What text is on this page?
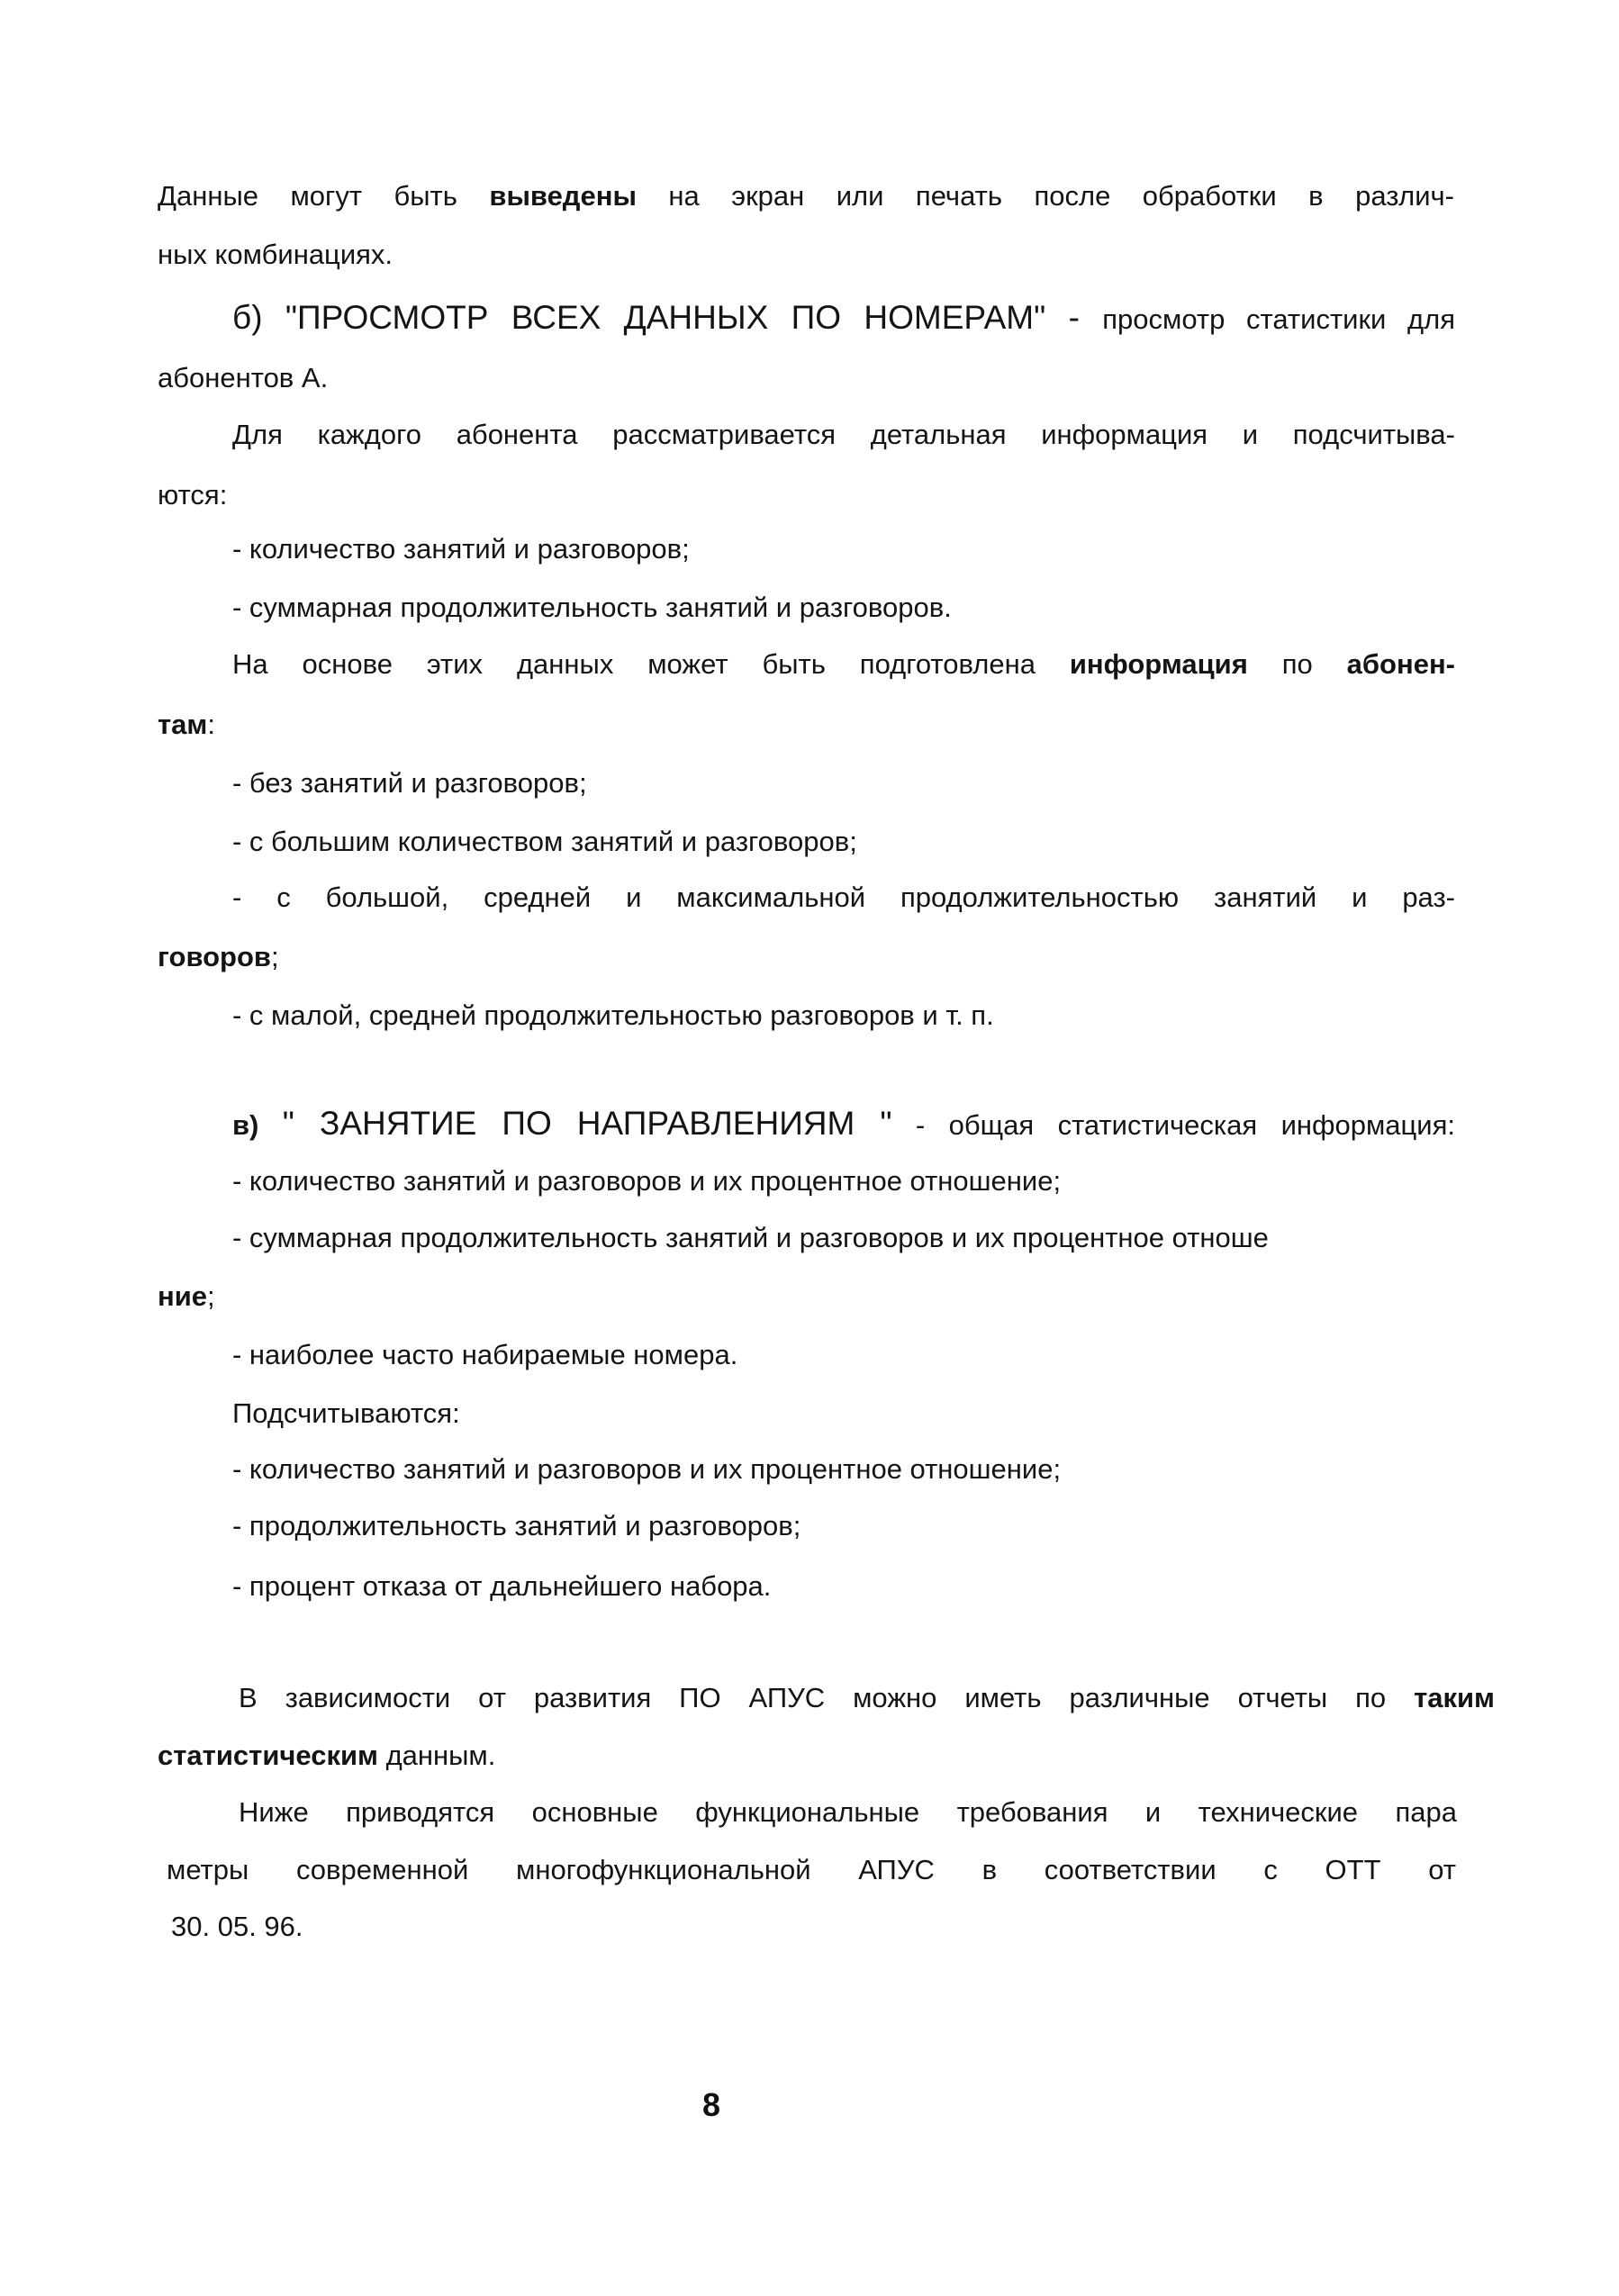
Данные могут быть выведены на экран или печать после обработки в различ-

ных комбинациях.

б) "ПРОСМОТР ВСЕХ ДАННЫХ ПО НОМЕРАМ" - просмотр статистики для

абонентов А.

Для каждого абонента рассматривается детальная информация и подсчитыва-

ются:

- количество занятий и разговоров;

- суммарная продолжительность занятий и разговоров.

На основе этих данных может быть подготовлена информация по абонен-

там:

- без занятий и разговоров;

- с большим количеством занятий и разговоров;

- с большой, средней и максимальной продолжительностью занятий и раз-

говоров;

- с малой, средней продолжительностью разговоров и т. п.

в) " ЗАНЯТИЕ ПО НАПРАВЛЕНИЯМ " - общая статистическая информация:

- количество занятий и разговоров и их процентное отношение;

- суммарная продолжительность занятий и разговоров и их процентное отноше

ние;

- наиболее часто набираемые номера.

Подсчитываются:

- количество занятий и разговоров и их процентное отношение;

- продолжительность занятий и разговоров;

- процент отказа от дальнейшего набора.

В зависимости от развития ПО АПУС можно иметь различные отчеты по таким

статистическим данным.

Ниже приводятся основные функциональные требования и технические пара

метры современной многофункциональной АПУС в соответствии с ОТТ от

30. 05. 96.

8
